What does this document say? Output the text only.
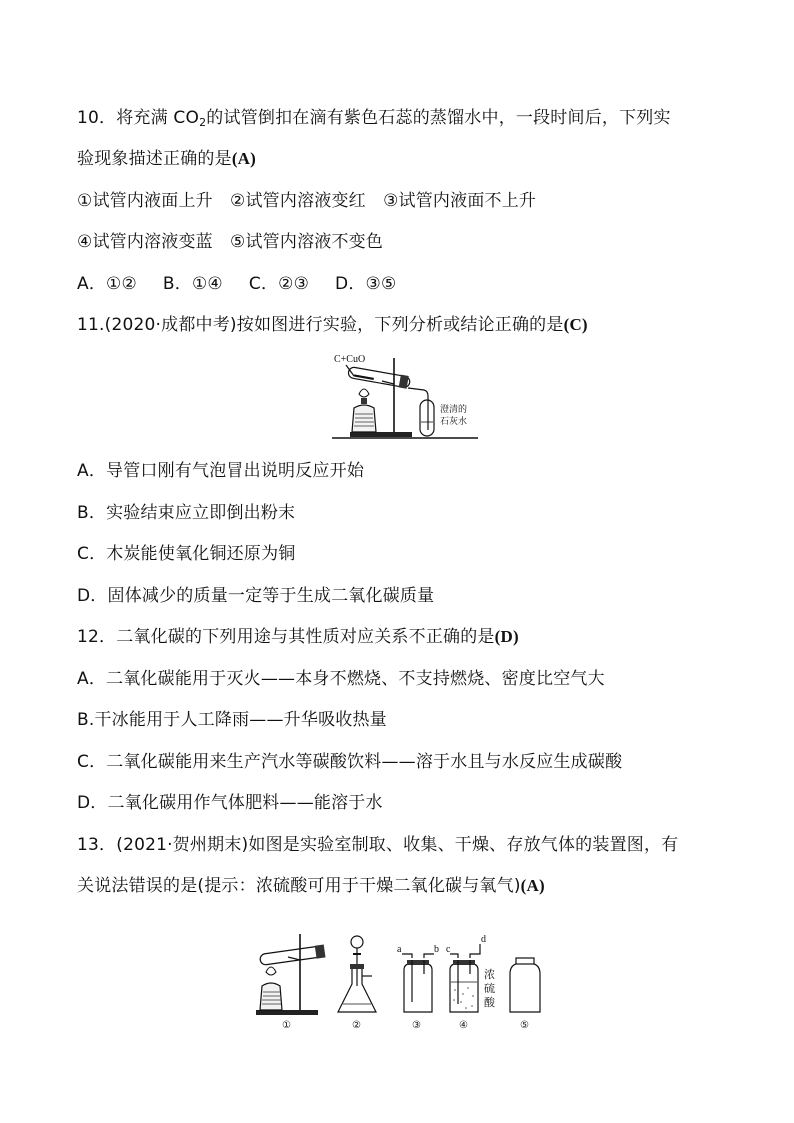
10．将充满 $CO_2$的试管倒扣在滴有紫色石蕊的蒸馏水中，一段时间后，下列实
验现象描述正确的是(A)
①试管内液面上升　②试管内溶液变红　③试管内液面不上升
④试管内溶液变蓝　⑤试管内溶液不变色
A．①② B．①④ C．②③ D．③⑤
11.(2020·成都中考)按如图进行实验，下列分析或结论正确的是(C)
C+CuO
澄清的
石灰水
A．导管口刚有气泡冒出说明反应开始
B．实验结束应立即倒出粉末
C．木炭能使氧化铜还原为铜
D．固体减少的质量一定等于生成二氧化碳质量
12．二氧化碳的下列用途与其性质对应关系不正确的是(D)
A．二氧化碳能用于灭火——本身不燃烧、不支持燃烧、密度比空气大
B.干冰能用于人工降雨——升华吸收热量
C．二氧化碳能用来生产汽水等碳酸饮料——溶于水且与水反应生成碳酸
D．二氧化碳用作气体肥料——能溶于水
13．(2021·贺州期末)如图是实验室制取、收集、干燥、存放气体的装置图，有
关说法错误的是(提示：浓硫酸可用于干燥二氧化碳与氧气)(A)
①	②
a	b
③
c
d
浓
硫
酸
④	⑤
